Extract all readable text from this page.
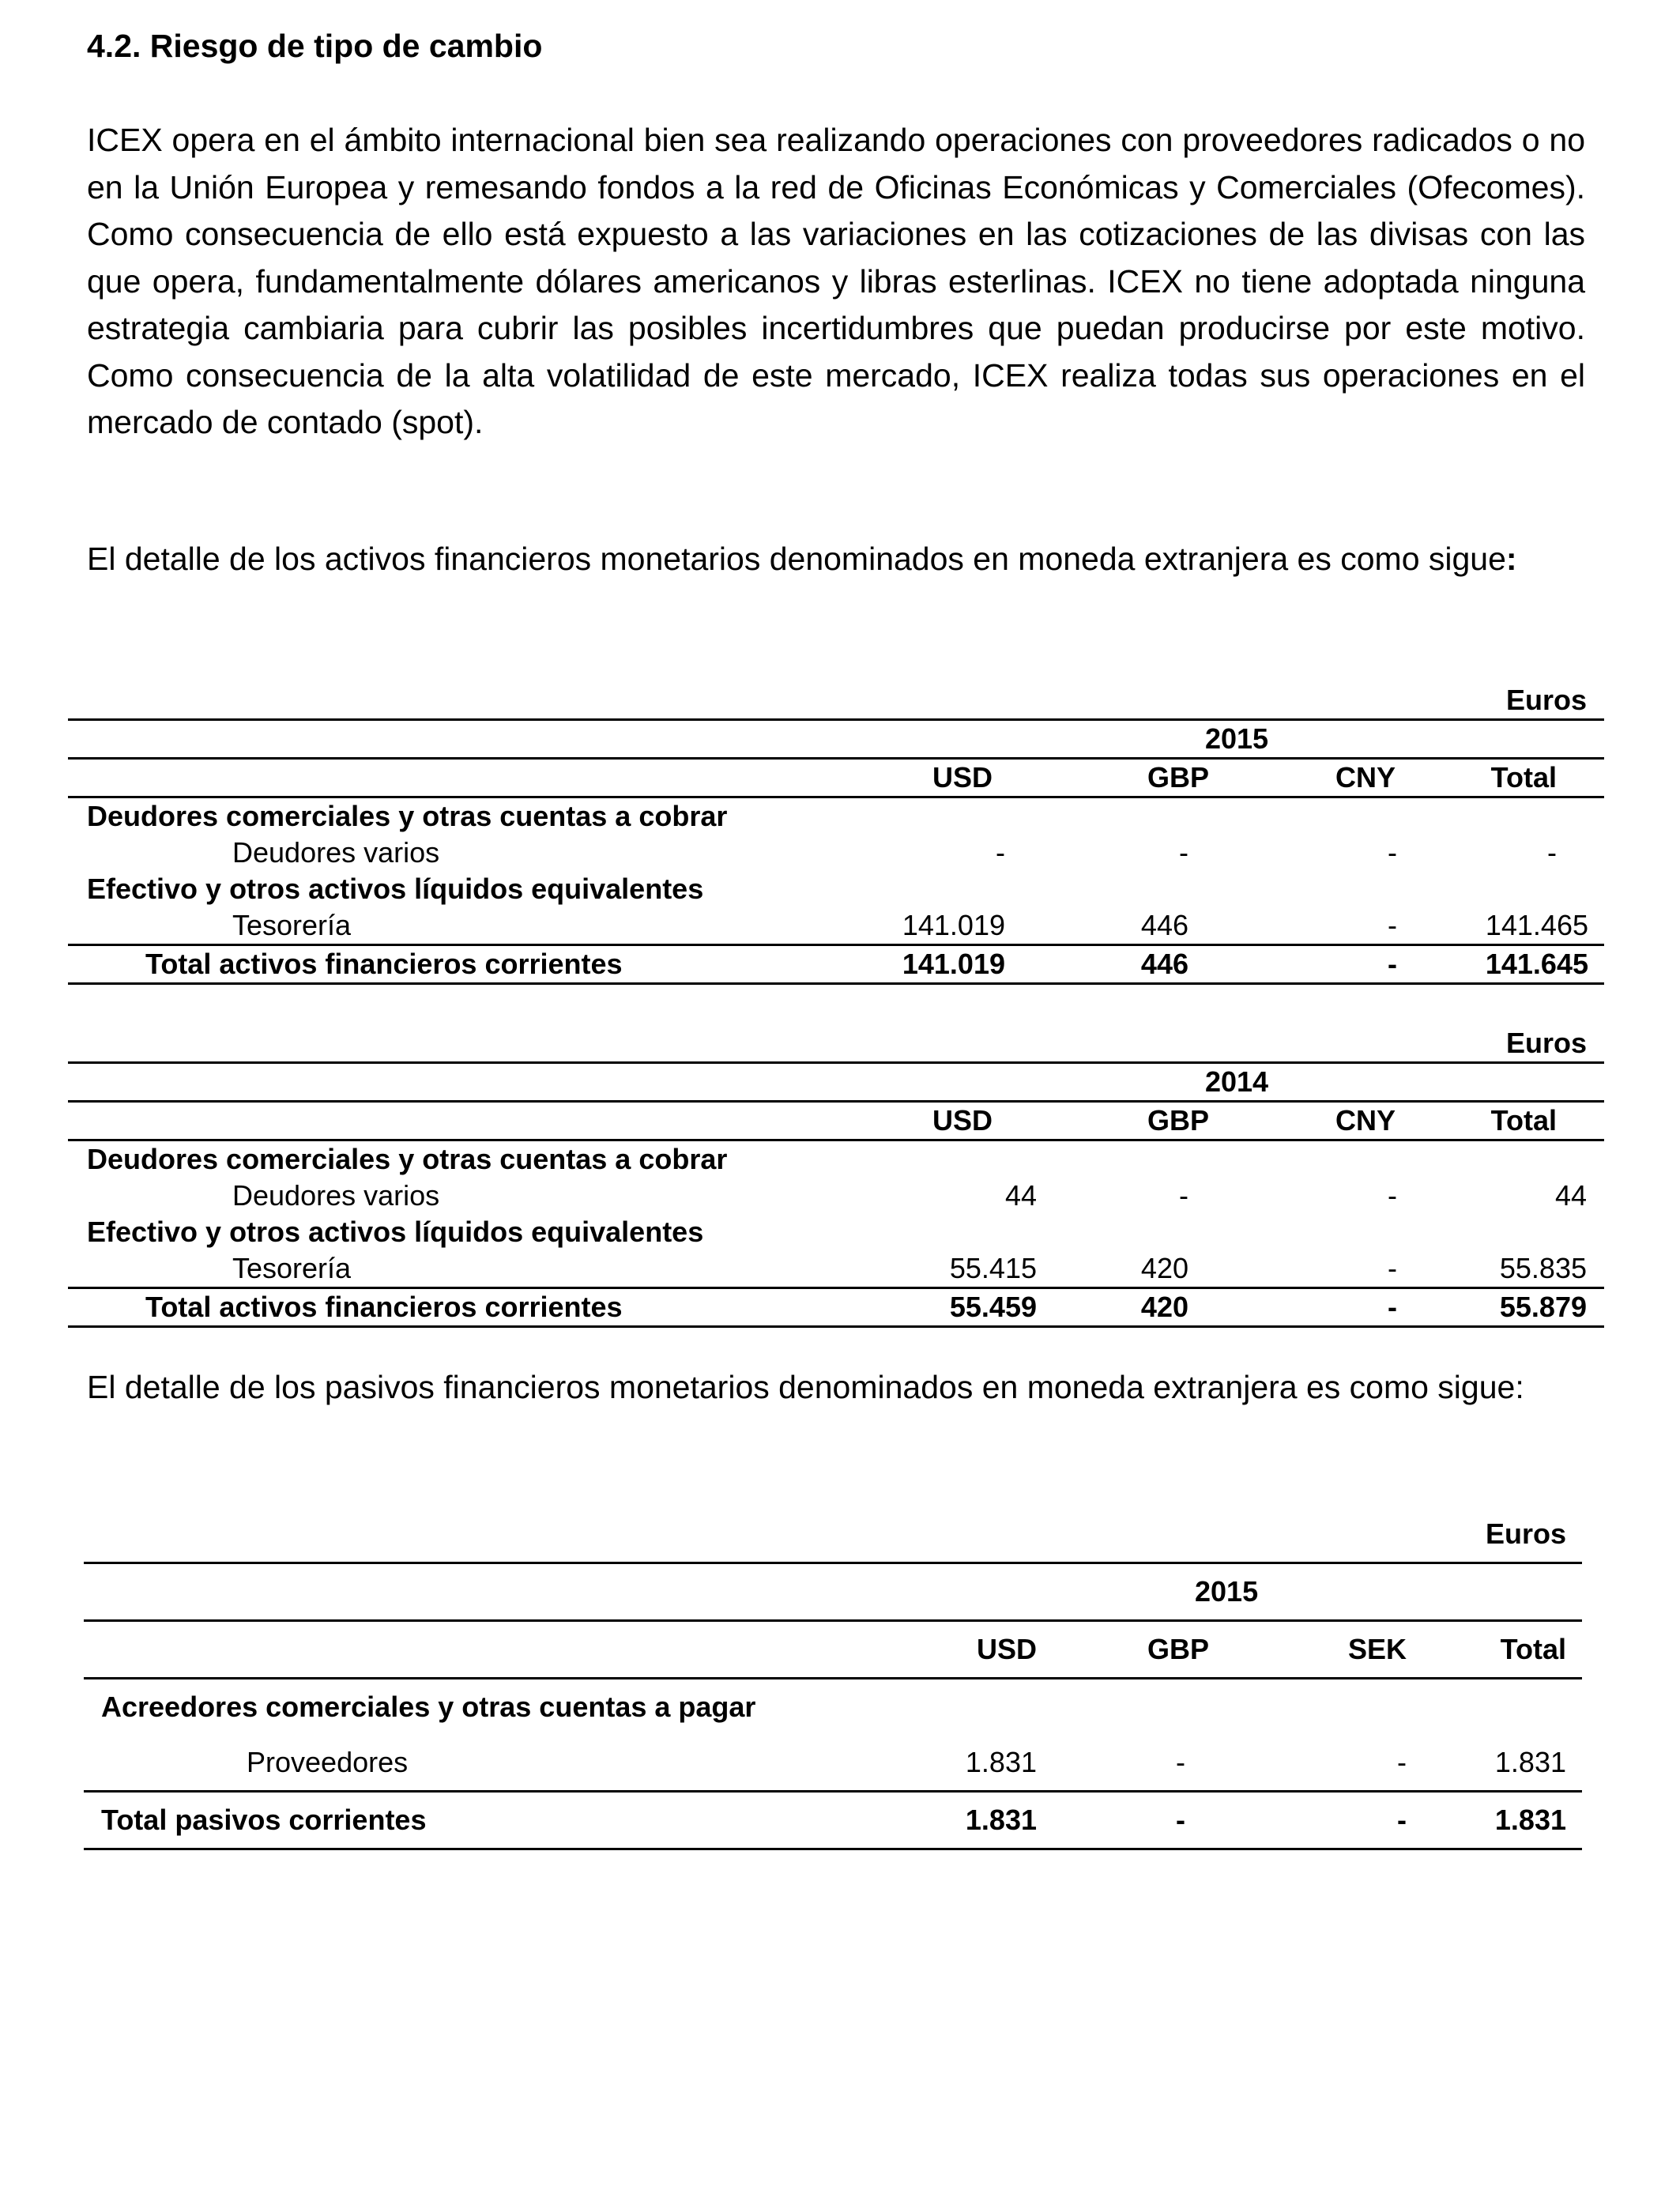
4.2. Riesgo de tipo de cambio

ICEX opera en el ámbito internacional bien sea realizando operaciones con proveedores radicados o no en la Unión Europea y remesando fondos a la red de Oficinas Económicas y Comerciales (Ofecomes). Como consecuencia de ello está expuesto a las variaciones en las cotizaciones de las divisas con las que opera, fundamentalmente dólares americanos y libras esterlinas. ICEX no tiene adoptada ninguna estrategia cambiaria para cubrir las posibles incertidumbres que puedan producirse por este motivo. Como consecuencia de la alta volatilidad de este mercado, ICEX realiza todas sus operaciones en el mercado de contado (spot).

El detalle de los activos financieros monetarios denominados en moneda extranjera es como sigue:

				Euros
	2015			
	USD	GBP	CNY	Total
Deudores comerciales y otras cuentas a cobrar				
Deudores varios	-	-	-	-
Efectivo y otros activos líquidos equivalentes				
Tesorería	141.019	446	-	141.465
Total activos financieros corrientes	141.019	446	-	141.645
				Euros
	2014			
	USD	GBP	CNY	Total
Deudores comerciales y otras cuentas a cobrar				
Deudores varios	44	-	-	44
Efectivo y otros activos líquidos equivalentes				
Tesorería	55.415	420	-	55.835
Total activos financieros corrientes	55.459	420	-	55.879

El detalle de los pasivos financieros monetarios denominados en moneda extranjera es como sigue:

				Euros
	2015			
	USD	GBP	SEK	Total
Acreedores comerciales y otras cuentas a pagar				
Proveedores	1.831	-	-	1.831
Total pasivos corrientes	1.831	-	-	1.831
